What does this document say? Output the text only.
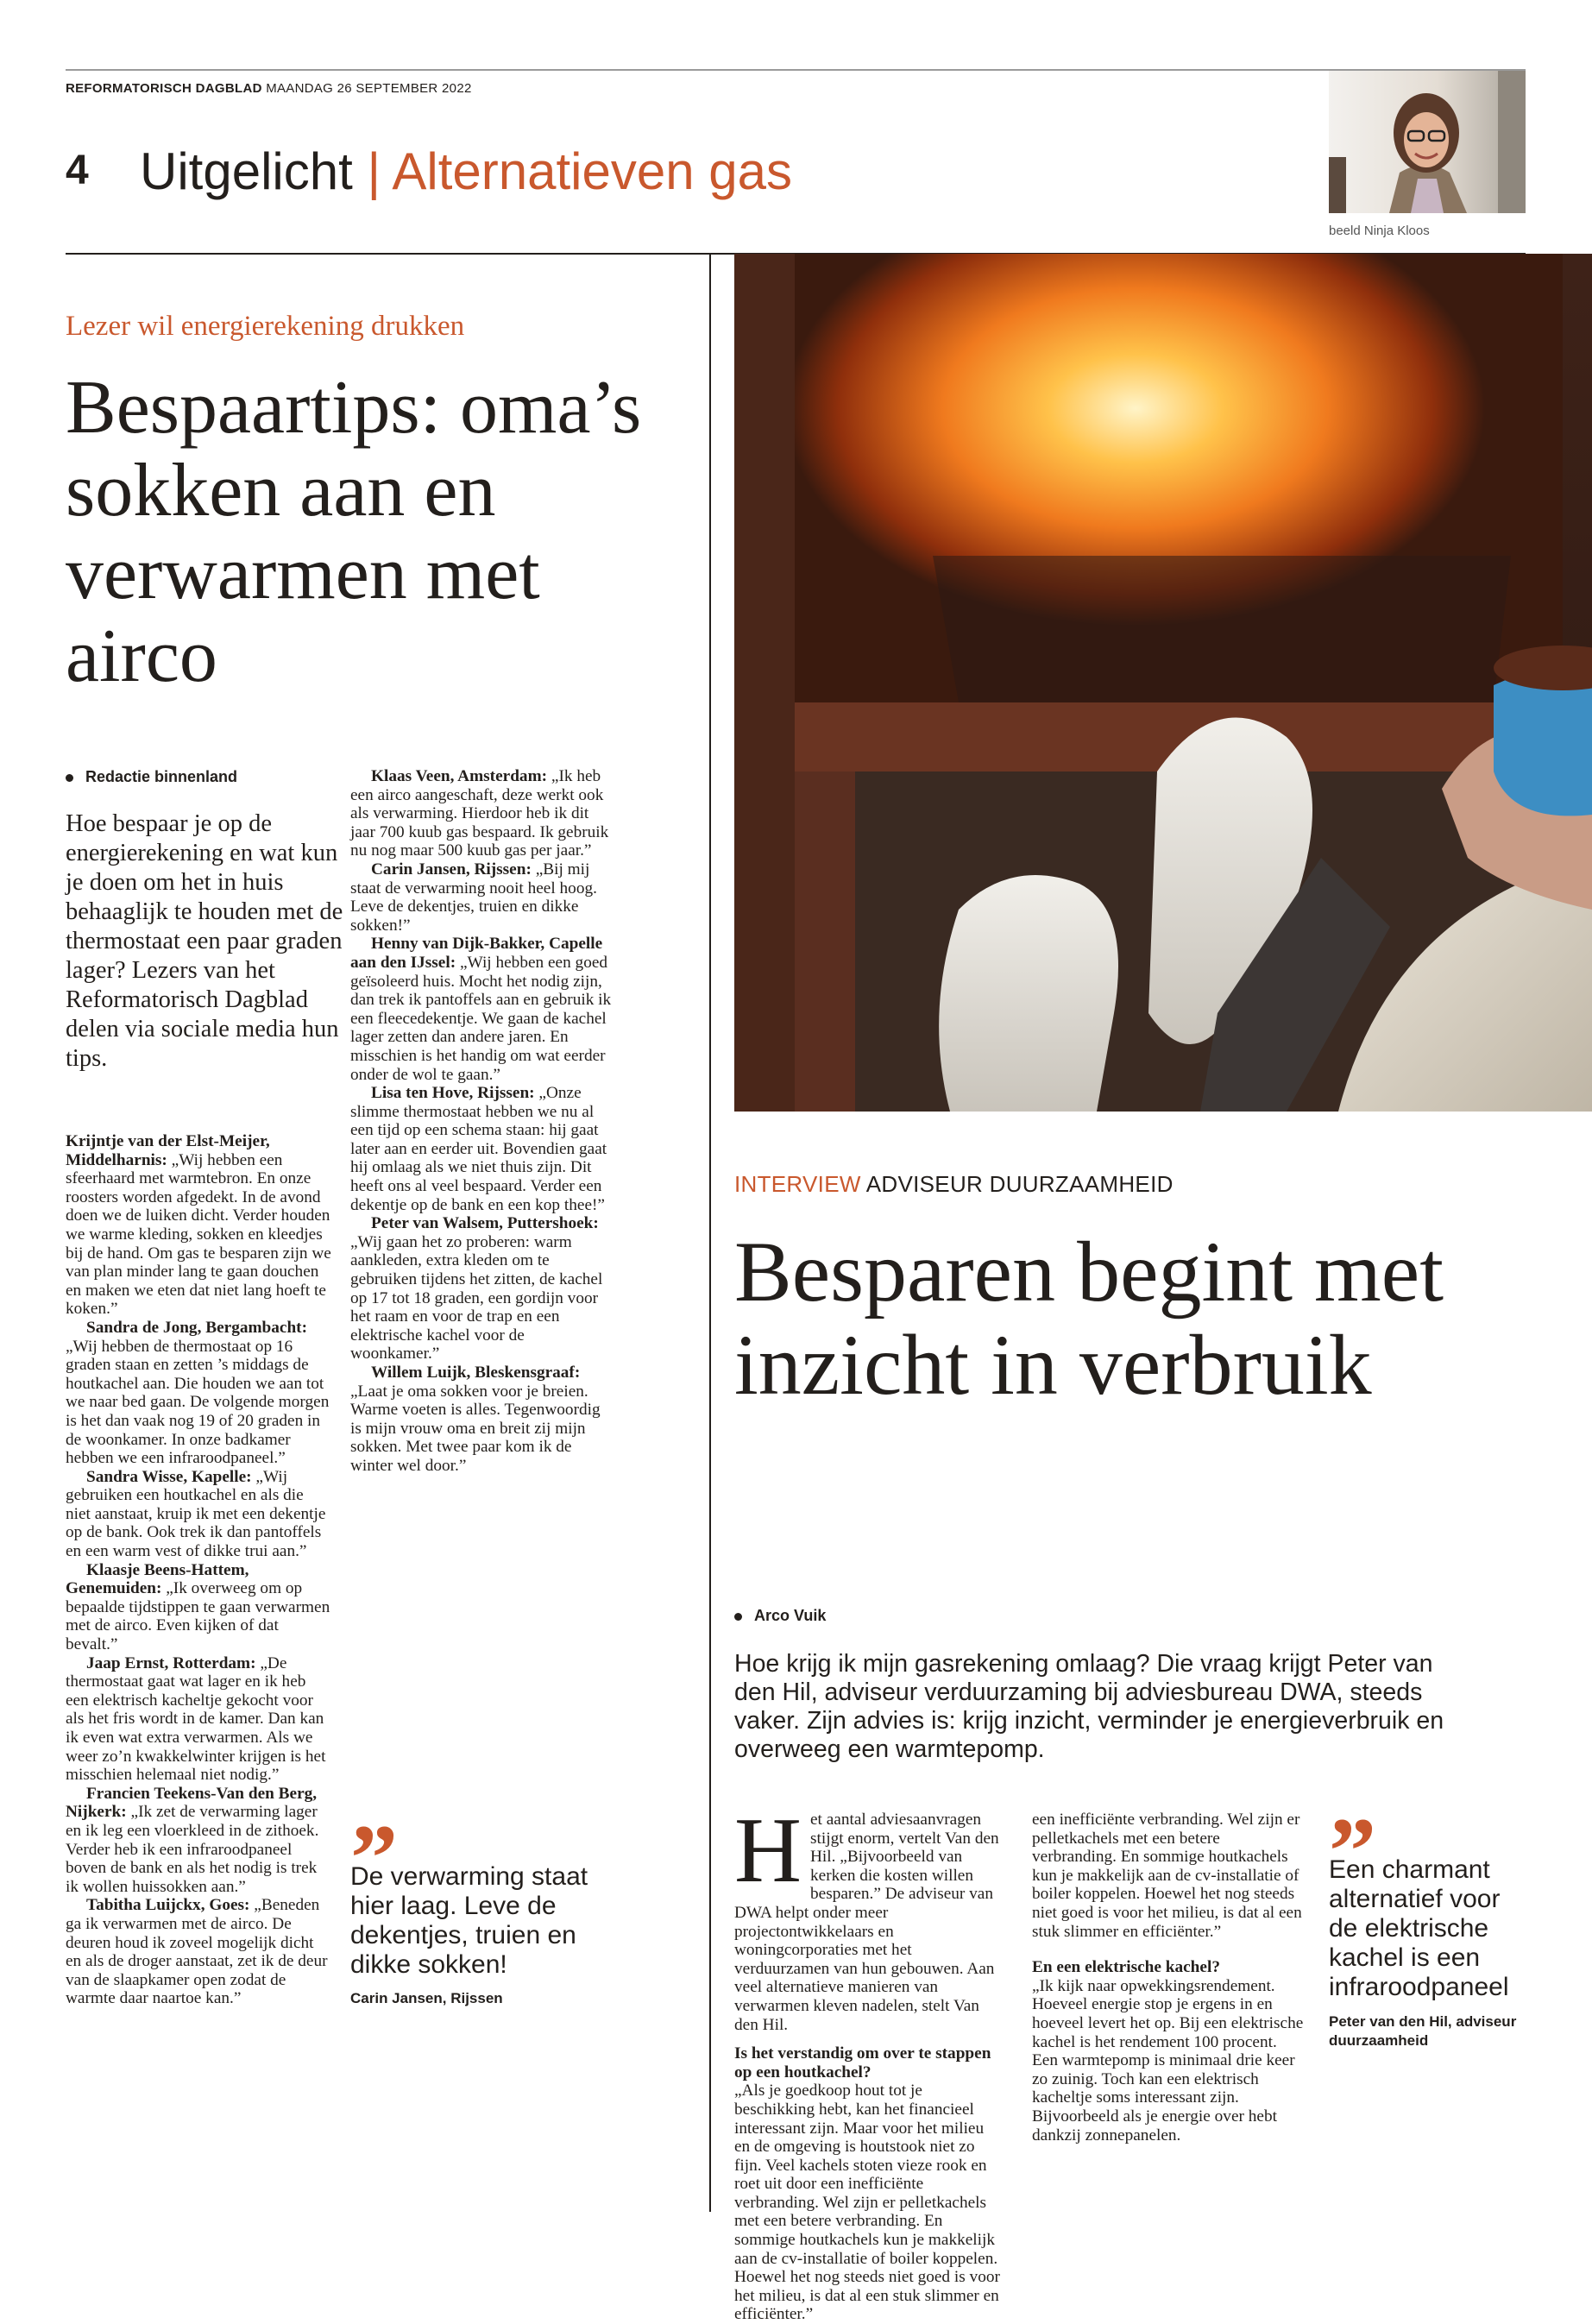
REFORMATORISCH DAGBLAD MAANDAG 26 SEPTEMBER 2022
4 Uitgelicht | Alternatieven gas
beeld Ninja Kloos
Lezer wil energierekening drukken
Bespaartips: oma’s sokken aan en verwarmen met airco
Redactie binnenland
Hoe bespaar je op de energierekening en wat kun je doen om het in huis behaaglijk te houden met de thermostaat een paar graden lager? Lezers van het Reformatorisch Dagblad delen via sociale media hun tips.

Krijntje van der Elst-Meijer, Middelharnis: „Wij hebben een sfeerhaard met warmtebron. En onze roosters worden afgedekt. In de avond doen we de luiken dicht. Verder houden we warme kleding, sokken en kleedjes bij de hand. Om gas te besparen zijn we van plan minder lang te gaan douchen en maken we eten dat niet lang hoeft te koken.”

Sandra de Jong, Bergambacht: „Wij hebben de thermostaat op 16 graden staan en zetten ’s middags de houtkachel aan. Die houden we aan tot we naar bed gaan. De volgende morgen is het dan vaak nog 19 of 20 graden in de woonkamer. In onze badkamer hebben we een infraroodpaneel.”

Sandra Wisse, Kapelle: „Wij gebruiken een houtkachel en als die niet aanstaat, kruip ik met een dekentje op de bank. Ook trek ik dan pantoffels en een warm vest of dikke trui aan.”

Klaasje Beens-Hattem, Genemuiden: „Ik overweeg om op bepaalde tijdstippen te gaan verwarmen met de airco. Even kijken of dat bevalt.”

Jaap Ernst, Rotterdam: „De thermostaat gaat wat lager en ik heb een elektrisch kacheltje gekocht voor als het fris wordt in de kamer. Dan kan ik even wat extra verwarmen. Als we weer zo’n kwakkelwinter krijgen is het misschien helemaal niet nodig.”

Francien Teekens-Van den Berg, Nijkerk: „Ik zet de verwarming lager en ik leg een vloerkleed in de zithoek. Verder heb ik een infraroodpaneel boven de bank en als het nodig is trek ik wollen huissokken aan.”

Tabitha Luijckx, Goes: „Beneden ga ik verwarmen met de airco. De deuren houd ik zoveel mogelijk dicht en als de droger aanstaat, zet ik de deur van de slaapkamer open zodat de warmte daar naartoe kan.”

Klaas Veen, Amsterdam: „Ik heb een airco aangeschaft, deze werkt ook als verwarming. Hierdoor heb ik dit jaar 700 kuub gas bespaard. Ik gebruik nu nog maar 500 kuub gas per jaar.”

Carin Jansen, Rijssen: „Bij mij staat de verwarming nooit heel hoog. Leve de dekentjes, truien en dikke sokken!”

Henny van Dijk-Bakker, Capelle aan den IJssel: „Wij hebben een goed geïsoleerd huis. Mocht het nodig zijn, dan trek ik pantoffels aan en gebruik ik een fleecedekentje. We gaan de kachel lager zetten dan andere jaren. En misschien is het handig om wat eerder onder de wol te gaan.”

Lisa ten Hove, Rijssen: „Onze slimme thermostaat hebben we nu al een tijd op een schema staan: hij gaat later aan en eerder uit. Bovendien gaat hij omlaag als we niet thuis zijn. Dit heeft ons al veel bespaard. Verder een dekentje op de bank en een kop thee!”

Peter van Walsem, Puttershoek: „Wij gaan het zo proberen: warm aankleden, extra kleden om te gebruiken tijdens het zitten, de kachel op 17 tot 18 graden, een gordijn voor het raam en voor de trap en een elektrische kachel voor de woonkamer.”

Willem Luijk, Bleskensgraaf: „Laat je oma sokken voor je breien. Warme voeten is alles. Tegenwoordig is mijn vrouw oma en breit zij mijn sokken. Met twee paar kom ik de winter wel door.”

”
De verwarming staat hier laag. Leve de dekentjes, truien en dikke sokken!
Carin Jansen, Rijssen
INTERVIEW ADVISEUR DUURZAAMHEID
Besparen begint met inzicht in verbruik
Arco Vuik
Hoe krijg ik mijn gasrekening omlaag? Die vraag krijgt Peter van den Hil, adviseur verduurzaming bij adviesbureau DWA, steeds vaker. Zijn advies is: krijg inzicht, verminder je energieverbruik en overweeg een warmtepomp.

Het aantal adviesaanvragen stijgt enorm, vertelt Van den Hil. „Bijvoorbeeld van kerken die kosten willen besparen.” De adviseur van DWA helpt onder meer projectontwikkelaars en woningcorporaties met het verduurzamen van hun gebouwen. Aan veel alternatieve manieren van verwarmen kleven nadelen, stelt Van den Hil.

Is het verstandig om over te stappen op een houtkachel?

„Als je goedkoop hout tot je beschikking hebt, kan het financieel interessant zijn. Maar voor het milieu en de omgeving is houtstook niet zo fijn. Veel kachels stoten vieze rook en roet uit door een inefficiënte verbranding. Wel zijn er pelletkachels met een betere verbranding. En sommige houtkachels kun je makkelijk aan de cv-installatie of boiler koppelen. Hoewel het nog steeds niet goed is voor het milieu, is dat al een stuk slimmer en efficiënter.”

een inefficiënte verbranding. Wel zijn er pelletkachels met een betere verbranding. En sommige houtkachels kun je makkelijk aan de cv-installatie of boiler koppelen. Hoewel het nog steeds niet goed is voor het milieu, is dat al een stuk slimmer en efficiënter.”

En een elektrische kachel?

„Ik kijk naar opwekkingsrendement. Hoeveel energie stop je ergens in en hoeveel levert het op. Bij een elektrische kachel is het rendement 100 procent. Een warmtepomp is minimaal drie keer zo zuinig. Toch kan een elektrisch kacheltje soms interessant zijn. Bijvoorbeeld als je energie over hebt dankzij zonnepanelen.

”
Een charmant alternatief voor de elektrische kachel is een infraroodpaneel
Peter van den Hil, adviseur duurzaamheid
